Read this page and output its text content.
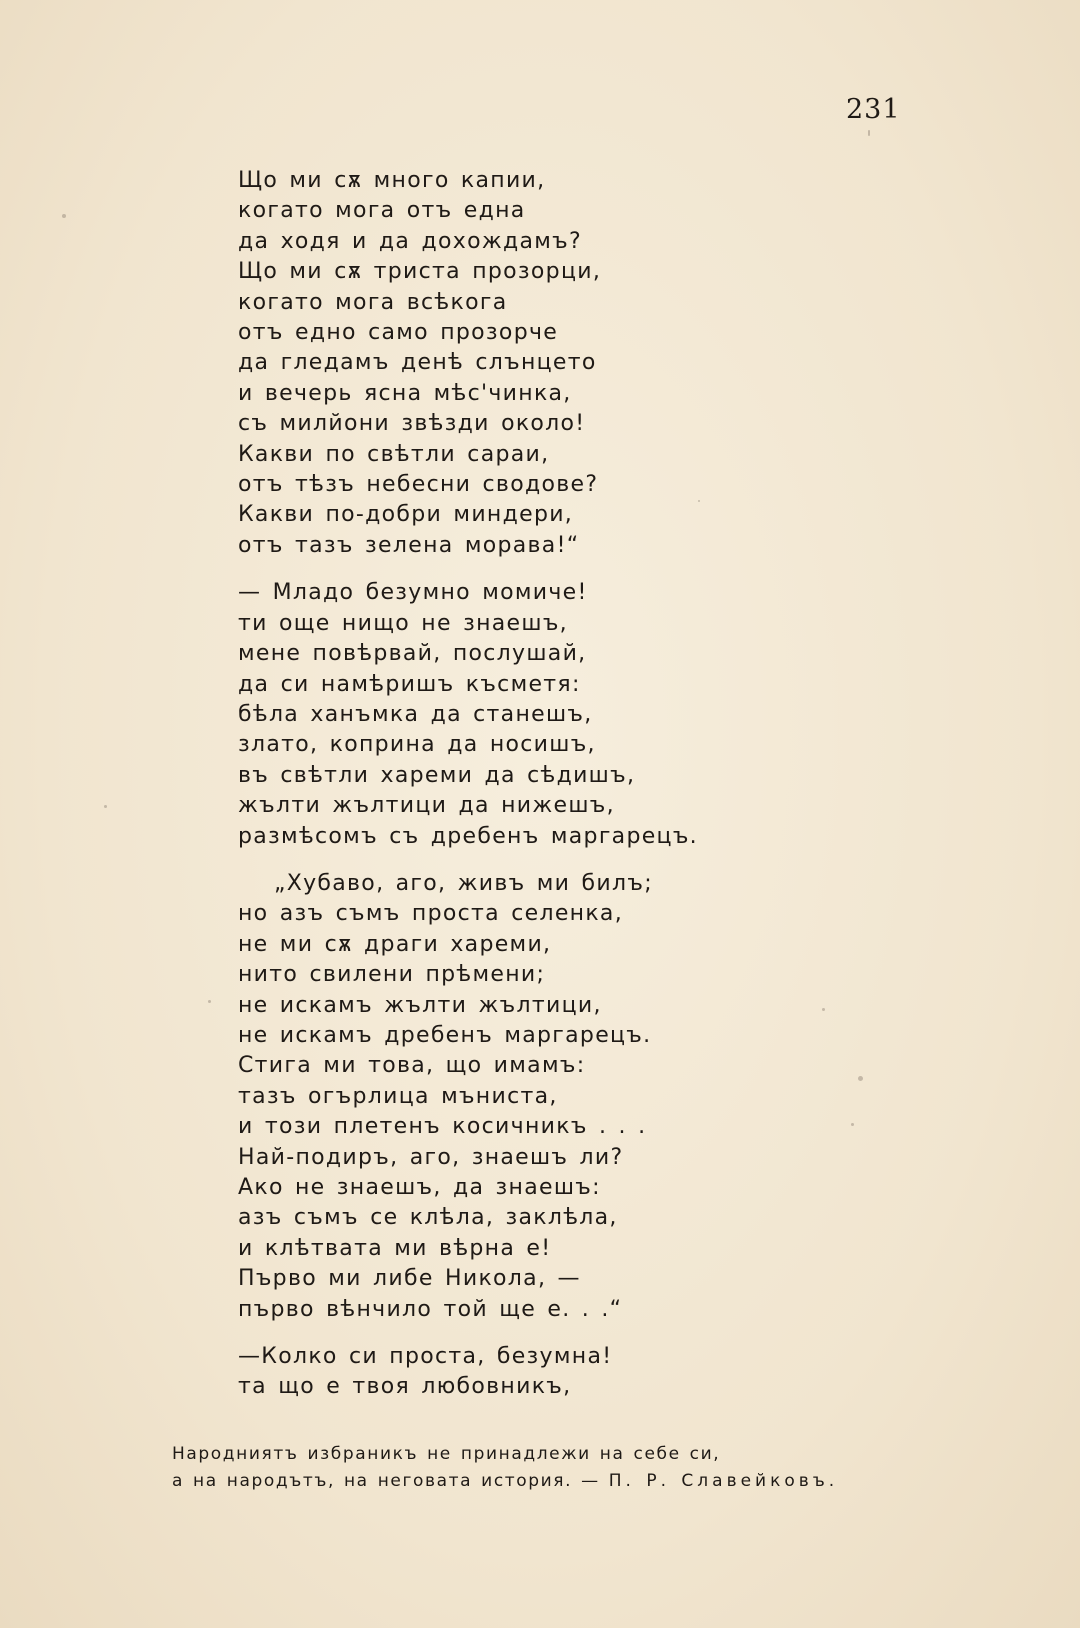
231
Що ми сѫ много капии,
когато мога отъ една
да ходя и да дохождамъ?
Що ми сѫ триста прозорци,
когато мога всѣкога
отъ едно само прозорче
да гледамъ денѣ слънцето
и вечерь ясна мѣс'чинка,
съ милйони звѣзди около!
Какви по свѣтли сараи,
отъ тѣзъ небесни сводове?
Какви по-добри миндери,
отъ тазъ зелена морава!“
— Младо безумно момиче!
ти още нищо не знаешъ,
мене повѣрвай, послушай,
да си намѣришъ късметя:
бѣла ханъмка да станешъ,
злато, коприна да носишъ,
въ свѣтли хареми да сѣдишъ,
жълти жълтици да нижешъ,
размѣсомъ съ дребенъ маргарецъ.
„Хубаво, аго, живъ ми билъ;
но азъ съмъ проста селенка,
не ми сѫ драги хареми,
нито свилени прѣмени;
не искамъ жълти жълтици,
не искамъ дребенъ маргарецъ.
Стига ми това, що имамъ:
тазъ огърлица мъниста,
и този плетенъ косичникъ . . .
Най-подиръ, аго, знаешъ ли?
Ако не знаешъ, да знаешъ:
азъ съмъ се клѣла, заклѣла,
и клѣтвата ми вѣрна е!
Първо ми либе Никола, —
първо вѣнчило той ще е. . .“
—Колко си проста, безумна!
та що е твоя любовникъ,
Народниятъ избраникъ не принадлежи на себе си,
а на народътъ, на неговата история. — П. Р. Славейковъ.
